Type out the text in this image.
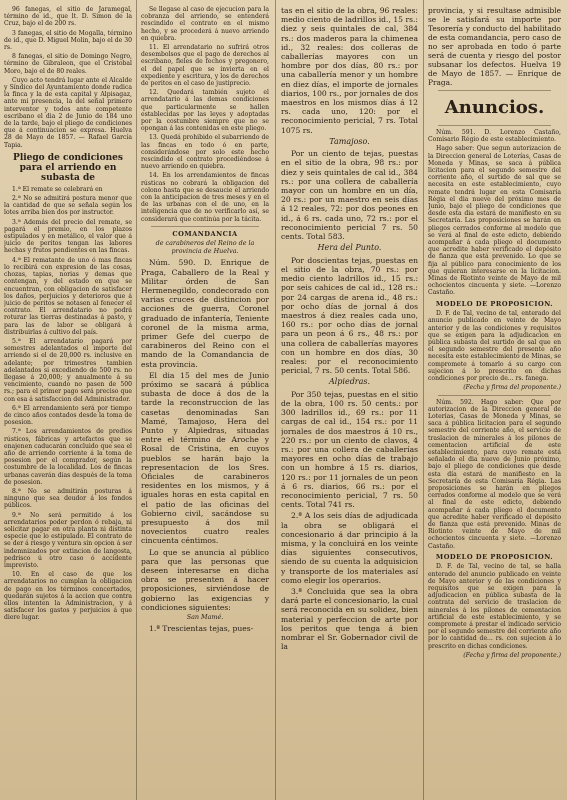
96 fanegas, el sitio de Jaramegal, término de id., que lt. D. Simon de la Cruz, bajo el de 200 rs.

3 fanegas, el sitio de Mogalla, término de id., que D. Miguel Molin, bajo el de 30 rs.

8 fanegas, el sitio de Domingo Negro, término de Gibraleon, que el Cristobal Moro, bajo el de 80 reales.

Cuyo acto tendrá lugar ante el Alcalde y Síndico del Ayuntamiento donde radica la finca y la de esta capital y Alpisagaz, ante mi presencia, la del señal primero interventor y todos ante competente escribano el dia 2 de Junio de 184 uno de la tarde, bajo el pliego de condiciones que á continuacion se expresa. Huelva 28 de Mayo de 1857. — Rafael García Tapia.

Pliego de condiciones para el arriendo en subasta de

1.ª El remate se celebrará en

2.ª No se admitirá postura menor que la cantidad de que se señala según los lotes arriba bien dos por instructor.

3.ª Además del precio del remate, se pagará el premio, en los plazos estipulados y en metálico, el valor que á juicio de peritos tengan las labores hechas y frutos pendientes en las fincas.

4.ª El rematante de uno ó mas fincas lo recibirá con expresion de las cosas, chozas, tapias, norias y demas que contengan, y del estado en que se encuentran, con obligacion de satisfacer los daños, perjuicios y deterioros que á juicio de peritos se notasen al fenecer el contrato. El arrendatario no podrá roturar las tierras destinadas á pasto, y para las de labor se obligará á distribuirlas á cultivo del país.

5.ª El arrendatario pagará por semestres adelantados el importe del arriendo si el de 20,000 rs. inclusive en adelante; por trimestres tambien adelantados si excediendo de 500 rs. no llegase á 20,000; y anualmente á su vencimiento, cuando no pasen de 500 rs.; para el primer pago será preciso que con esa á satisfaccion del Administrador.

6.ª El arrendamiento será por tiempo de cinco años contados desde la toma de posesion.

7.ª Los arrendamientos de predios rústicos, fábricas y artefactos que se enajenen caducarán concluido que sea el año de arriendo corriente á la toma de posesion por el comprador, según la costumbre de la localidad. Los de fincas urbanas caverán dias después de la toma de posesion.

8.ª No se admitirán posturas á ninguno que sea deudor á los fondos públicos.

9.ª No será permitido á los arrendatarios poder perdon ó rebaja, ni solicitar pagar en otra planta ni distinta especie que lo estipulado. El contrato de se der á riesgo y ventura sin opcion á ser indemnizados por extincion de langosta, pedrisco ú otro caso ó accidente imprevisto.

10. En el caso de que los arrendatarios no cumplan la obligacion de pago en los términos concertados, quedarán sujetos á la accion que contra ellos intenten la Administracion, y á satisfacer los gastos y perjuicios á que diere lugar.

Se llegase al caso de ejecucion para la cobranza del arriendo, se entenderá rescindido el contrato en el mismo hecho, y se procederá á nuevo arriendo en quiebra.

11. El arrendatario no sufrirá otros desembolsos que el pago de derechos al escribano, fieles de fechos y pregonero, el del papel que se invierta en el expediente y escritura, y los de derechos de peritos en el caso de justiprecio.

12. Quedará también sujeto el arrendatario á las demas condiciones que particularmente se hallen establecidas por las leyes y adoptadas por la costumbre siempre que no se opongan á las contenidas en este pliego.

13. Quedá prohibido el subarriendo de las fincas en todo ó en parte, considerándose por solo este hecho rescindido el contrato procediéndose á nuevo arriendo en quiebra.

14. En los arrendamientos de fincas rústicas no cobrará la obligacion del colono hasta que se desaucie el arriendo con la anticipacion de tres meses y en el de las urbanas con el de uno, en la inteligencia que de no verificarlo así, se considerará que continúa por la tácita.

COMANDANCIA
de carabineros del Reino de la provincia de Huelva.

Núm. 590. D. Enrique de Praga, Caballero de la Real y Militar órden de San Hermenegildo, condecorado con varias cruces de distincion por acciones de guerra, Coronel graduado de infantería, Teniente coronel de la misma arma, primer Gefe del cuerpo de carabineros del Reino con el mando de la Comandancia de esta provincia.

El dia 15 del mes de Junio próximo se sacará á pública subasta de doce á dos de la tarde la reconstruccion de las casetas denominadas San Mamé, Tamajoso, Hera del Punto y Alpiedras, situadas entre el término de Aroche y Rosal de Cristina, en cuyos pueblos se harán bajo la representacion de los Sres. Oficiales de carabineros residentes en los mismos, y á iguales horas en esta capital en el patio de las oficinas del Gobierno civil, sacándose su presupuesto á dos mil novecientos cuatro reales cincuenta céntimos.

Lo que se anuncia al público para que las personas que deseen interesarse en dicha obra se presenten á hacer proposiciones, sirviéndose de gobierno las exigencias y condiciones siguientes:

San Mamé.

1.ª Trescientas tejas, pues-

tas en el sitio de la obra, 96 reales: medio ciento de ladrillos id., 15 rs.: diez y seis quintales de cal, 384 rs.: dos maderos para la chimenea id., 32 reales: dos colleras de caballerías mayores con un hombre por dos días, 80 rs.: por una caballería menor y un hombre en diez días, el importe de jornales diarios, 100 rs., por jornales de dos maestros en los mismos días á 12 rs. cada uno, 120: por el reconocimiento pericial, 7 rs. Total 1075 rs.

Tamajoso.

Por un ciento de tejas, puestas en el sitio de la obra, 98 rs.: por diez y seis quintales de cal id., 384 rs.: por una collera de caballería mayor con un hombre en un día, 20 rs.: por un maestro en seis días á 12 reales, 72: por dos peones en id., á 6 rs. cada uno, 72 rs.: por el reconocimiento pericial 7 rs. 50 cents. Total 583.

Hera del Punto.

Por doscientas tejas, puestas en el sitio de la obra, 70 rs.: por medio ciento ladrillos id., 15 rs.: por seis cahices de cal id., 128 rs.: por 24 cargas de arena id., 48 rs.: por ocho días de jornal á dos maestros á diez reales cada uno, 160 rs.: por ocho días de jornal para un peon á 6 rs., 48 rs.: por una collera de caballerías mayores con un hombre en dos días, 30 reales: por el reconocimiento pericial, 7 rs. 50 cents. Total 586.

Alpiedras.

Por 350 tejas, puestas en el sitio de la obra, 100 rs. 50 cents.: por 300 ladrillos id., 69 rs.: por 11 cargas de cal id., 154 rs.: por 11 jornales de dos maestros á 10 rs., 220 rs.: por un ciento de clavos, 4 rs.: por una collera de caballerías mayores en ocho días de trabajo con un hombre á 15 rs. diarios, 120 rs.: por 11 jornales de un peon á 6 rs. diarios, 66 rs.: por el reconocimiento pericial, 7 rs. 50 cents. Total 741 rs.

2.ª A los seis días de adjudicada la obra se obligará el concesionario á dar principio á la misma, y la concluirá en los veinte días siguientes consecutivos, siendo de su cuenta la adquisicion y transporte de los materiales así como elegir los operarios.

3.ª Concluida que sea la obra dará parte el concesionario, la cual será reconocida en su solidez, bien material y perfeccion de arte por los peritos que tenga á bien nombrar el Sr. Gobernador civil de la

provincia, y si resultase admisible se le satisfará su importe por Tesorería y conducto del habilitado de esta comandancia, pero caso de no ser aprobada en todo ó parte será de cuenta y riesgo del postor subsanar los defectos. Huelva 19 de Mayo de 1857. — Enrique de Praga.

Anuncios.

Núm. 591. D. Lorenzo Castaño, Comisario Régio de este establecimiento.

Hago saber: Que segun autorizacion de la Direccion general de Loterías, Casas de Moneda y Minas, se saca á pública licitacion para el segundo semestre del corriente año, el surtido de sal que se necesita en este establecimiento, cuyo remate tendrá lugar en esta Comisaría Régia el dia nueve del próximo mes de Junio, bajo el pliego de condiciones que desde esta dia estará de manifiesto en su Secretaría. Las proposiciones se harán en pliegos cerrados conforme al modelo que se verá al final de este edicto, debiendo acompañar á cada pliego el documento que acredite haber verificado el depósito de fianza que está prevenido. Lo que se fija al público para conocimiento de los que quieran interesarse en la licitacion. Minas de Riotinto veinte de Mayo de mil ochocientos cincuenta y siete. —Lorenzo Castaño.

MODELO DE PROPOSICION.

D. F. de Tal, vecino de tal, enterado del anuncio publicado en veinte de Mayo anterior y de las condiciones y requisitos que se exigen para la adjudicacion en pública subasta del surtido de sal que en el segundo semestre del presente año necesita este establecimiento de Minas, se compromete á tomarlo á su cargo con sujecion á lo prescrito en dichas condiciones por precio de... rs. fanega.

(Fecha y firma del proponente.)

Núm. 592. Hago saber: Que por autorizacion de la Direccion general de Loterías, Casas de Moneda y Minas, se saca á pública licitacion para el segundo semestre del corriente año, el servicio de traslacion de minerales á los pilones de cementacion artificial de este establecimiento, para cuyo remate está señalado el dia nueve de Junio próximo, bajo el pliego de condiciones que desde esta día estará de manifiesto en la Secretaría de esta Comisaría Régia. Las proposiciones se harán en pliegos cerrados conforme al modelo que se verá al final de este edicto, debiendo acompañar á cada pliego el documento que acredite haber verificado el depósito de fianza que está prevenido. Minas de Riotinto veinte de Mayo de mil ochocientos cincuenta y siete. —Lorenzo Castaño.

MODELO DE PROPOSICION.

D. F. de Tal, vecino de tal, se halla enterado del anuncio publicado en veinte de Mayo anterior y de las condiciones y requisitos que se exigen para la adjudicacion en pública subasta de la contrata del servicio de traslacion de minerales á los pilones de cementacion artificial de este establecimiento, y se compromete á prestar el indicado servicio por el segundo semestre del corriente año por lo cantidad de... rs. con sujecion á lo prescrito en dichas condiciones.

(Fecha y firma del proponente.)
